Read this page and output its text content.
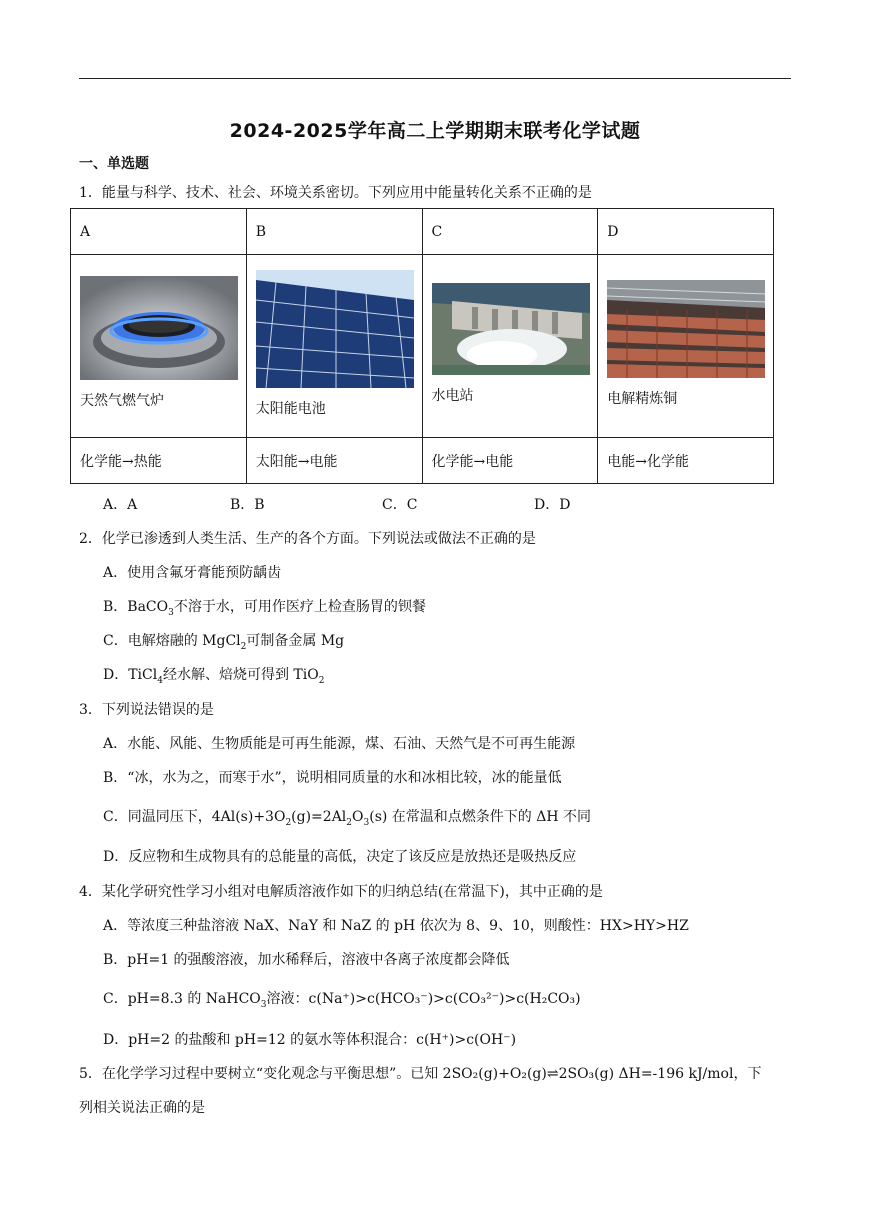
2024-2025学年高二上学期期末联考化学试题
一、单选题
1．能量与科学、技术、社会、环境关系密切。下列应用中能量转化关系不正确的是
A	B	C	D

天然气燃气炉	太阳能电池	水电站	电解精炼铜

化学能→热能	太阳能→电能	化学能→电能	电能→化学能
A．A	B．B	C．C	D．D
2．化学已渗透到人类生活、生产的各个方面。下列说法或做法不正确的是
A．使用含氟牙膏能预防龋齿
B．BaCO$_3$不溶于水，可用作医疗上检查肠胃的钡餐
C．电解熔融的 MgCl$_2$可制备金属 Mg
D．TiCl$_4$经水解、焙烧可得到 TiO$_2$
3．下列说法错误的是
A．水能、风能、生物质能是可再生能源，煤、石油、天然气是不可再生能源
B．“冰，水为之，而寒于水”，说明相同质量的水和冰相比较，冰的能量低
C．同温同压下，$4Al(s)+3O_2(g)=2Al_2O_3(s)$ 在常温和点燃条件下的 ΔH 不同
D．反应物和生成物具有的总能量的高低，决定了该反应是放热还是吸热反应
4．某化学研究性学习小组对电解质溶液作如下的归纳总结(在常温下)，其中正确的是
A．等浓度三种盐溶液 NaX、NaY 和 NaZ 的 pH 依次为 8、9、10，则酸性：HX>HY>HZ
B．pH=1 的强酸溶液，加水稀释后，溶液中各离子浓度都会降低
C．pH=8.3 的 NaHCO$_3$溶液：c(Na⁺)>c(HCO₃⁻)>c(CO₃²⁻)>c(H₂CO₃)
D．pH=2 的盐酸和 pH=12 的氨水等体积混合：c(H⁺)>c(OH⁻)
5．在化学学习过程中要树立“变化观念与平衡思想”。已知 2SO₂(g)+O₂(g)⇌2SO₃(g) ΔH=-196 kJ/mol，下
列相关说法正确的是
